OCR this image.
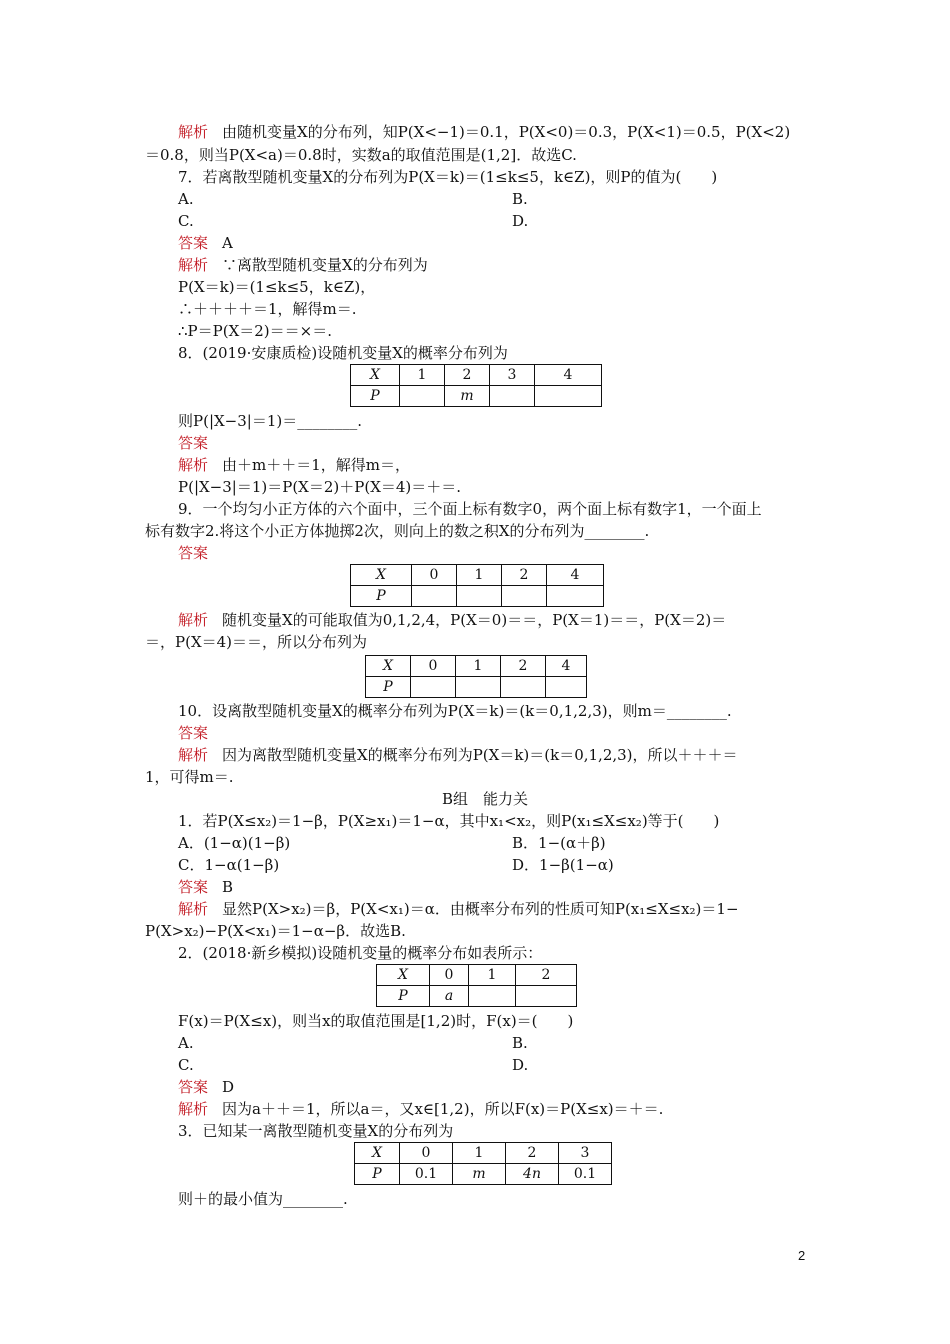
解析 由随机变量X的分布列，知P(X<−1)＝0.1，P(X<0)＝0.3，P(X<1)＝0.5，P(X<2)
＝0.8，则当P(X<a)＝0.8时，实数a的取值范围是(1,2]．故选C.
7．若离散型随机变量X的分布列为P(X＝k)＝(1≤k≤5，k∈Z)，则P的值为(　　)
A.	B.
C.	D.
答案 A
解析 ∵离散型随机变量X的分布列为
P(X＝k)＝(1≤k≤5，k∈Z)，
∴＋＋＋＋＝1，解得m＝.
∴P＝P(X＝2)＝＝×＝.
8．(2019·安康质检)设随机变量X的概率分布列为
X	1	2	3	4
P		m		
则P(|X−3|＝1)＝________.
答案
解析 由＋m＋＋＝1，解得m＝，
P(|X−3|＝1)＝P(X＝2)＋P(X＝4)＝＋＝.
9．一个均匀小正方体的六个面中，三个面上标有数字0，两个面上标有数字1，一个面上
标有数字2.将这个小正方体抛掷2次，则向上的数之积X的分布列为________.
答案
X	0	1	2	4
P				
解析 随机变量X的可能取值为0,1,2,4，P(X＝0)＝＝，P(X＝1)＝＝，P(X＝2)＝
＝，P(X＝4)＝＝，所以分布列为
X	0	1	2	4
P				
10．设离散型随机变量X的概率分布列为P(X＝k)＝(k＝0,1,2,3)，则m＝________.
答案
解析 因为离散型随机变量X的概率分布列为P(X＝k)＝(k＝0,1,2,3)，所以＋＋＋＝
1，可得m＝.
B组　能力关
1．若P(X≤x₂)＝1−β，P(X≥x₁)＝1−α，其中x₁<x₂，则P(x₁≤X≤x₂)等于(　　)
A．(1−α)(1−β)	B．1−(α＋β)
C．1−α(1−β)	D．1−β(1−α)
答案 B
解析 显然P(X>x₂)＝β，P(X<x₁)＝α．由概率分布列的性质可知P(x₁≤X≤x₂)＝1−
P(X>x₂)−P(X<x₁)＝1−α−β．故选B.
2．(2018·新乡模拟)设随机变量的概率分布如表所示：
X	0	1	2
P	a		
F(x)＝P(X≤x)，则当x的取值范围是[1,2)时，F(x)＝(　　)
A.	B.
C.	D.
答案 D
解析 因为a＋＋＝1，所以a＝，又x∈[1,2)，所以F(x)＝P(X≤x)＝＋＝.
3．已知某一离散型随机变量X的分布列为
X	0	1	2	3
P	0.1	m	4n	0.1
则＋的最小值为________.
2
